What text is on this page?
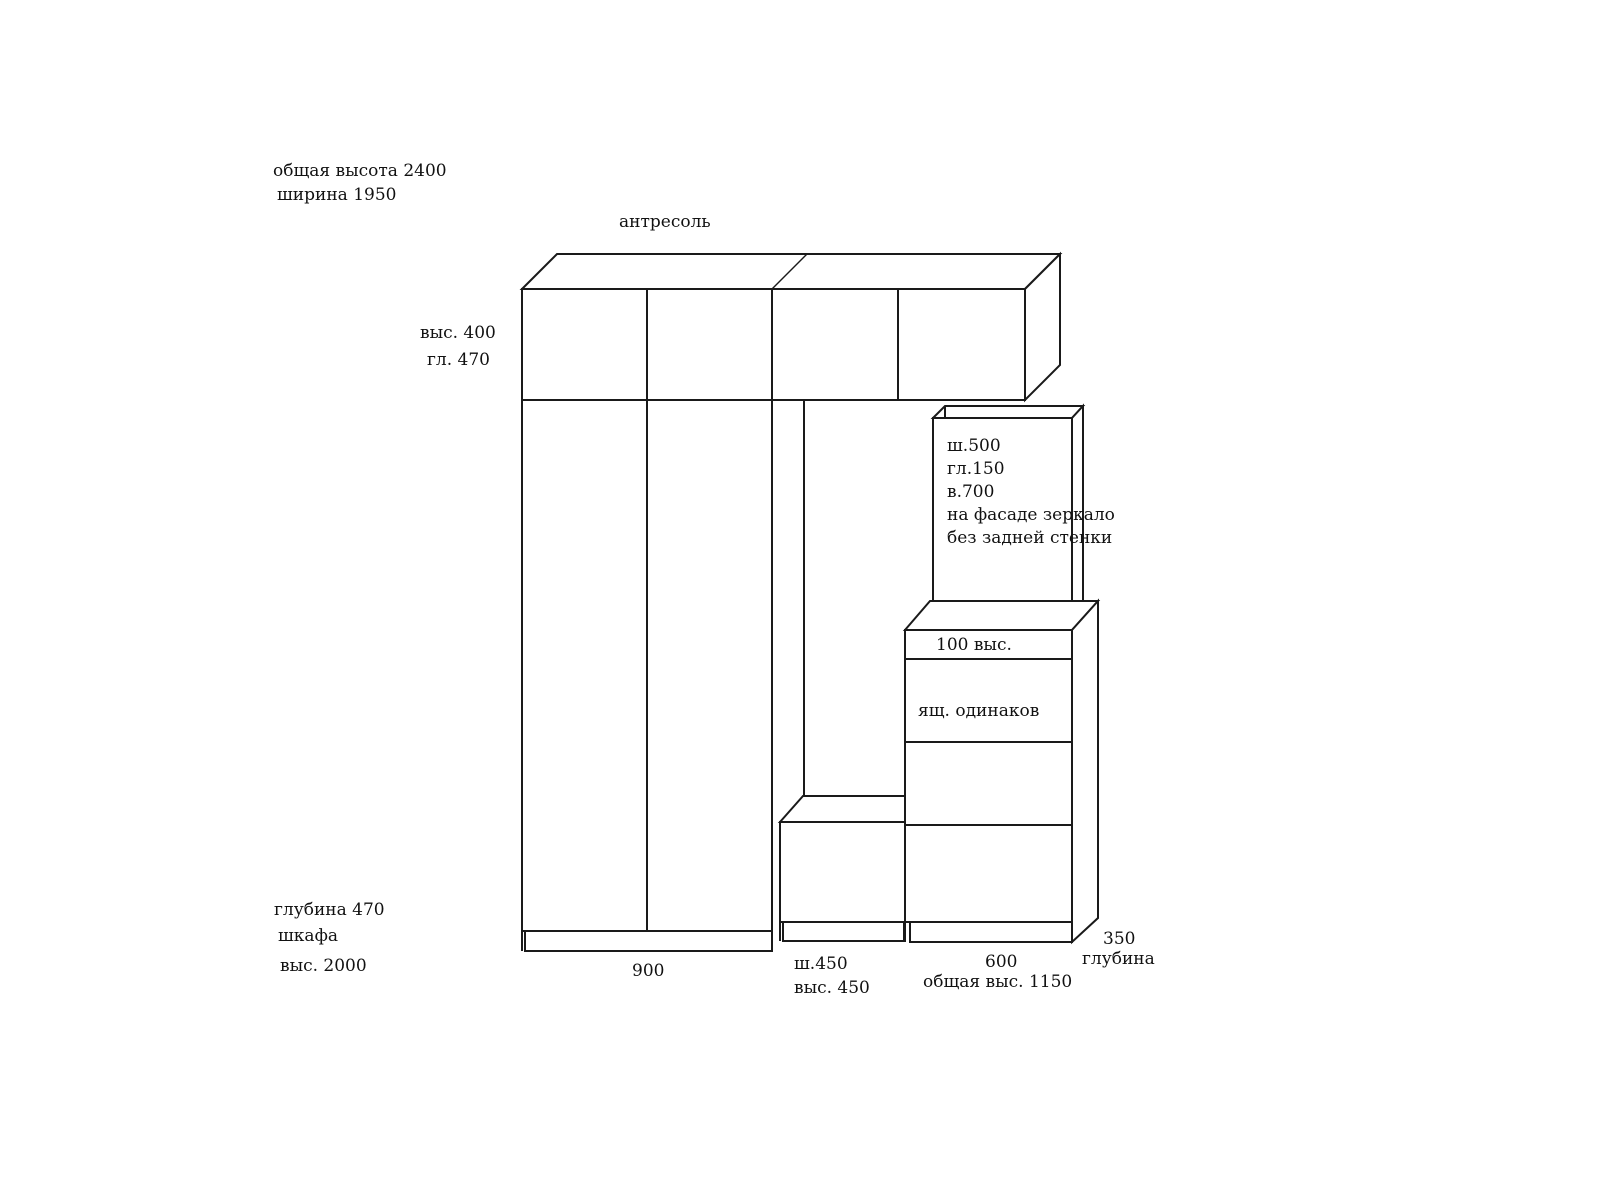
общая высота 2400
ширина 1950
антресоль
выс. 400
гл. 470
ш.500
гл.150
в.700
на фасаде зеркало
без задней стенки
100 выс.
ящ. одинаков
глубина 470
шкафа
выс. 2000	900	ш.450
выс. 450
600
общая выс. 1150
350
глубина
